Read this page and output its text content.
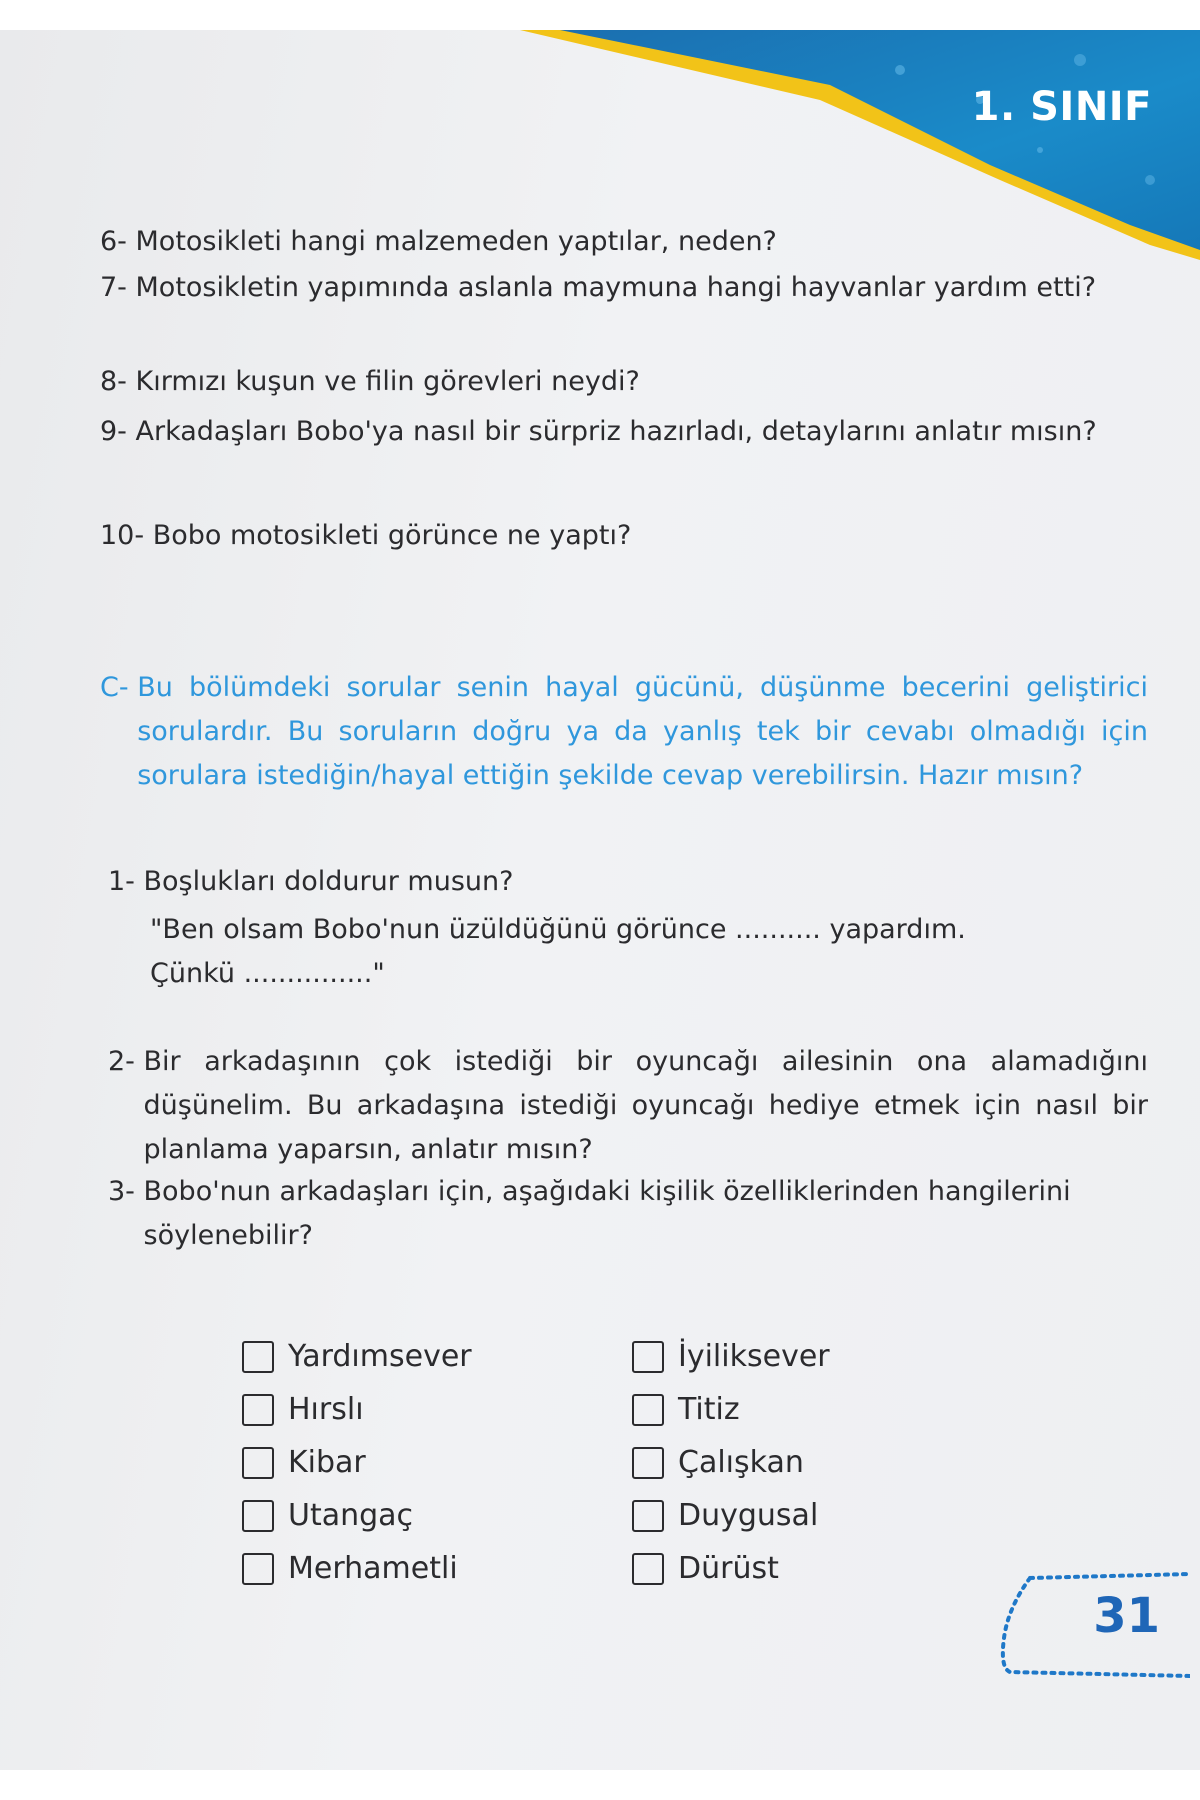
1. SINIF
6- Motosikleti hangi malzemeden yaptılar, neden?
7- Motosikletin yapımında aslanla maymuna hangi hayvanlar yardım etti?
8- Kırmızı kuşun ve filin görevleri neydi?
9- Arkadaşları Bobo'ya nasıl bir sürpriz hazırladı, detaylarını anlatır mısın?
10- Bobo motosikleti görünce ne yaptı?
C- Bu bölümdeki sorular senin hayal gücünü, düşünme becerini geliştirici sorulardır. Bu soruların doğru ya da yanlış tek bir cevabı olmadığı için sorulara istediğin/hayal ettiğin şekilde cevap verebilirsin. Hazır mısın?
1- Boşlukları doldurur musun?
"Ben olsam Bobo'nun üzüldüğünü görünce .......... yapardım.
Çünkü ..............."
2- Bir arkadaşının çok istediği bir oyuncağı ailesinin ona alamadığını düşünelim. Bu arkadaşına istediği oyuncağı hediye etmek için nasıl bir planlama yaparsın, anlatır mısın?
3- Bobo'nun arkadaşları için, aşağıdaki kişilik özelliklerinden hangilerini söylenebilir?
Yardımsever
Hırslı
Kibar
Utangaç
Merhametli
İyiliksever
Titiz
Çalışkan
Duygusal
Dürüst
31
